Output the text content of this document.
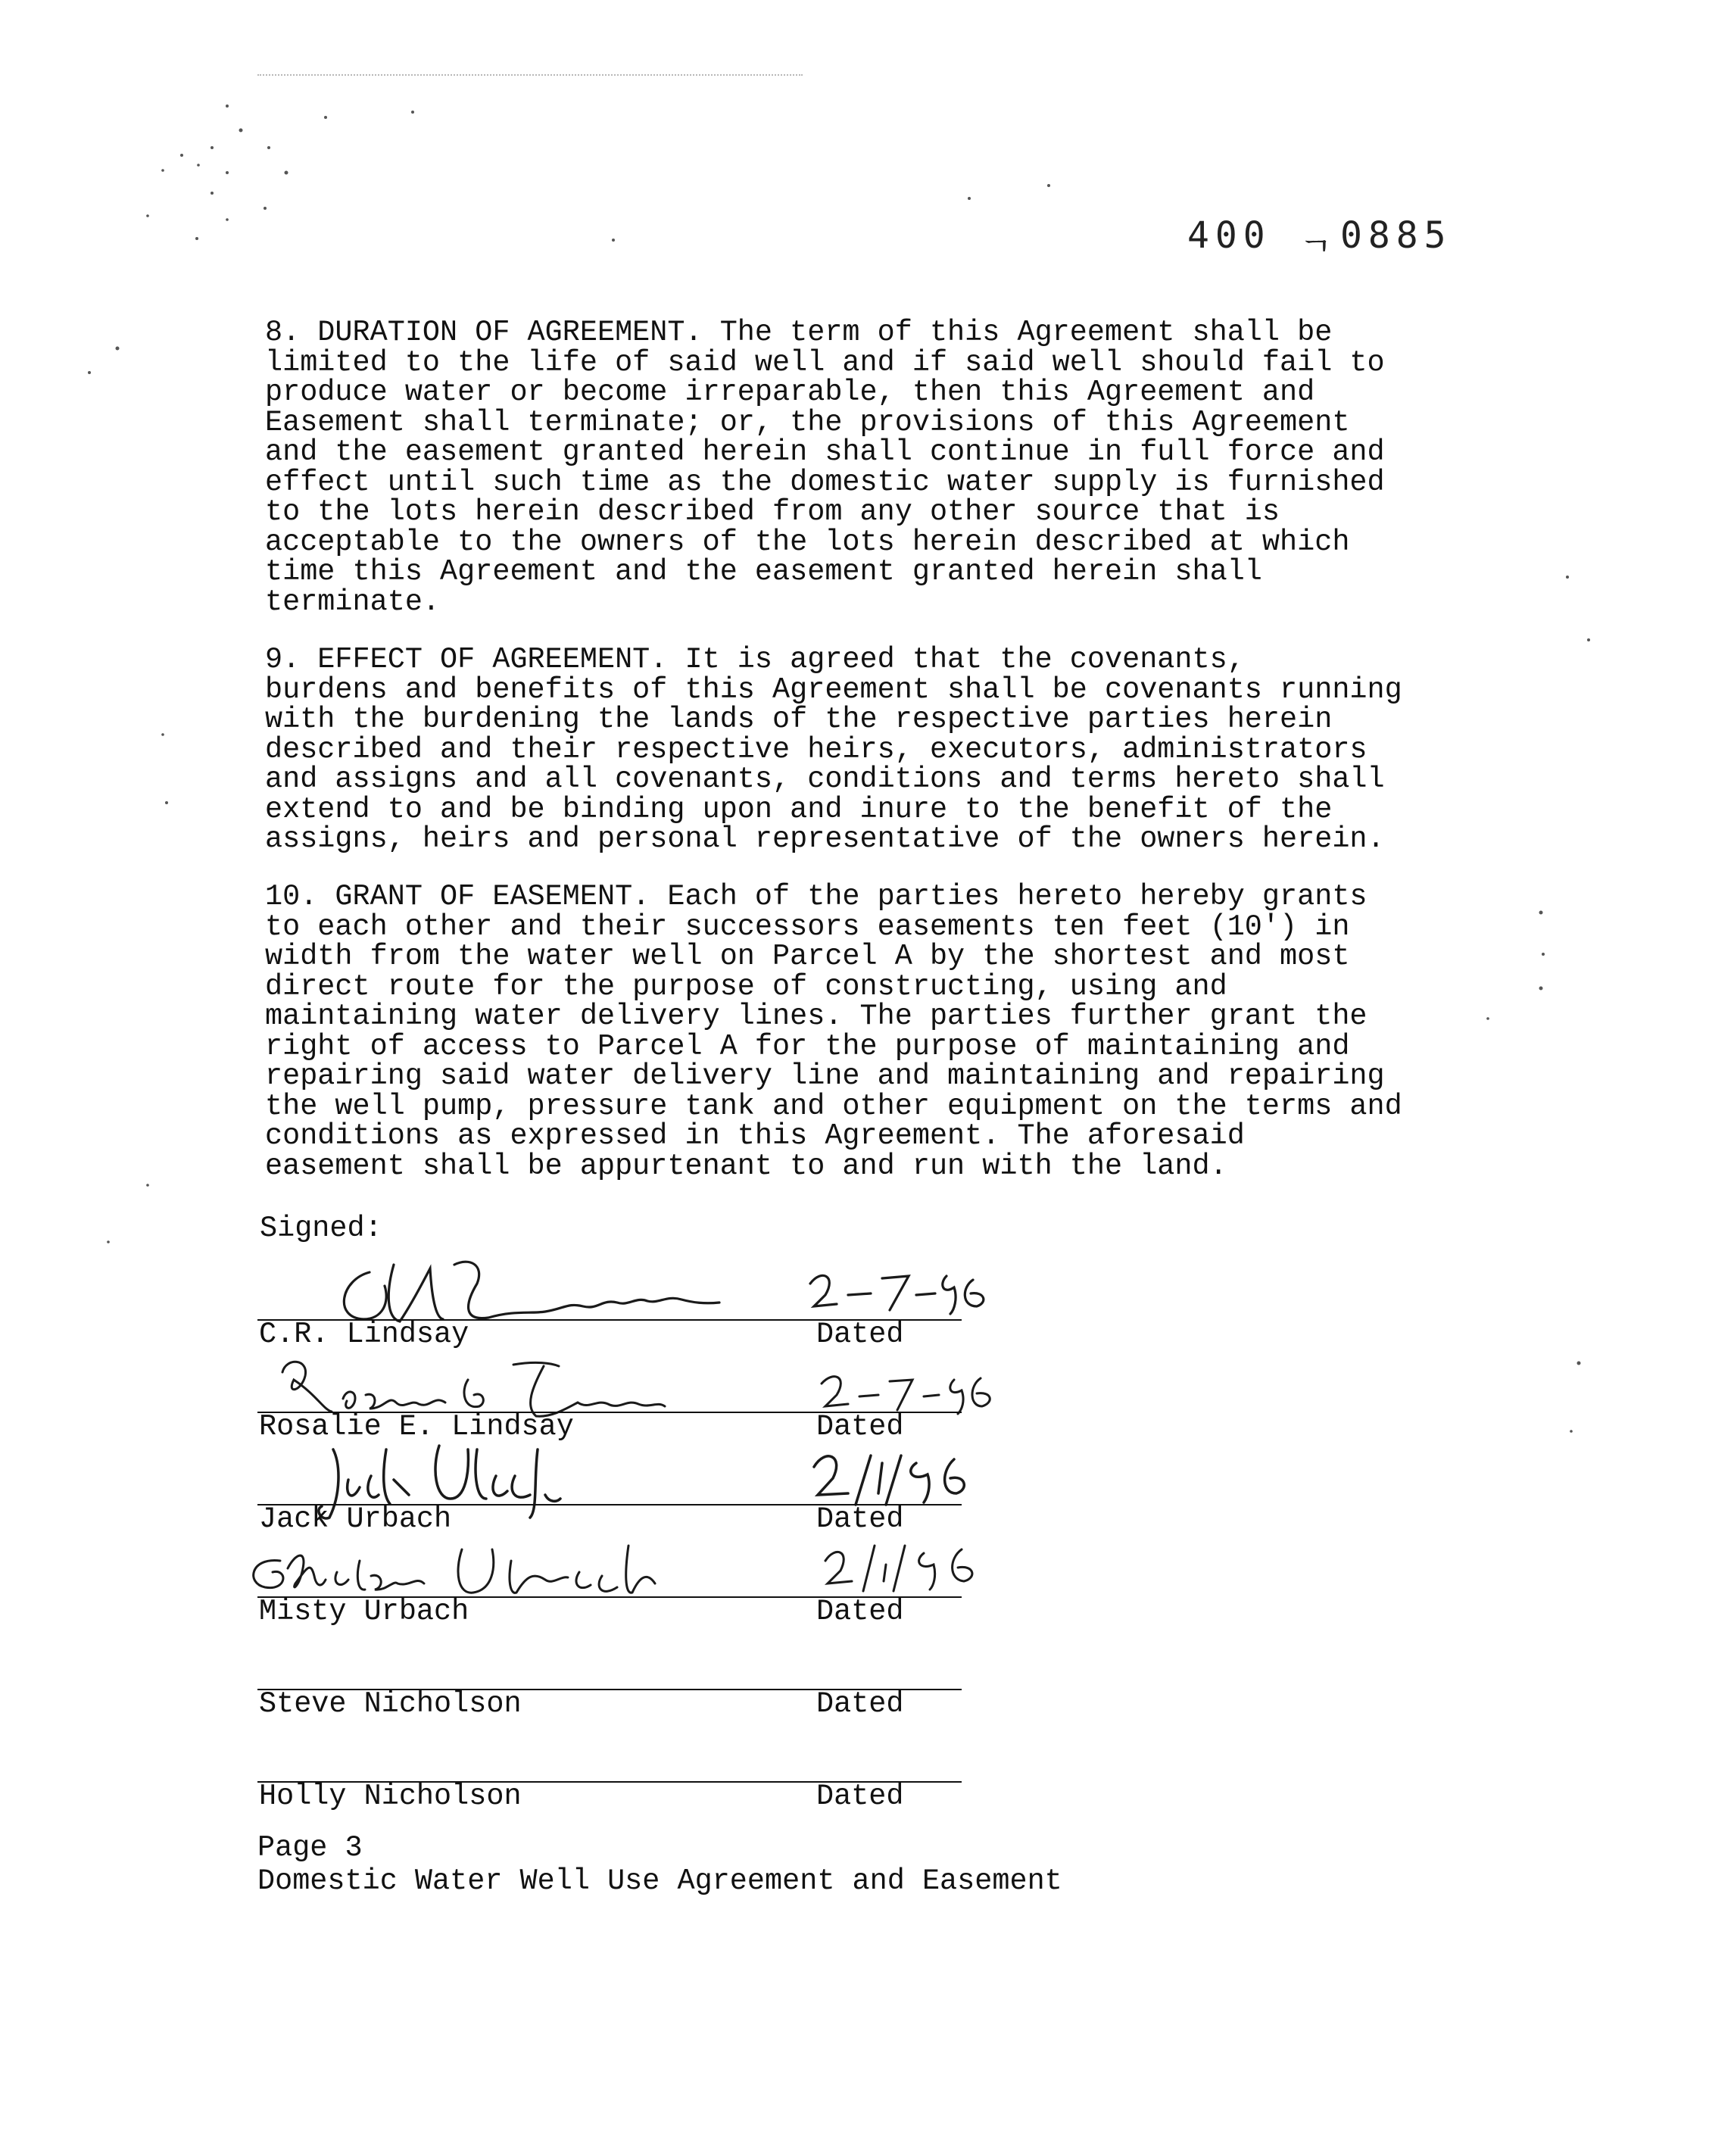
400 ᆨ0885

8. DURATION OF AGREEMENT. The term of this Agreement shall be
limited to the life of said well and if said well should fail to
produce water or become irreparable, then this Agreement and
Easement shall terminate; or, the provisions of this Agreement
and the easement granted herein shall continue in full force and
effect until such time as the domestic water supply is furnished
to the lots herein described from any other source that is
acceptable to the owners of the lots herein described at which
time this Agreement and the easement granted herein shall
terminate.

9. EFFECT OF AGREEMENT. It is agreed that the covenants,
burdens and benefits of this Agreement shall be covenants running
with the burdening the lands of the respective parties herein
described and their respective heirs, executors, administrators
and assigns and all covenants, conditions and terms hereto shall
extend to and be binding upon and inure to the benefit of the
assigns, heirs and personal representative of the owners herein.

10. GRANT OF EASEMENT. Each of the parties hereto hereby grants
to each other and their successors easements ten feet (10') in
width from the water well on Parcel A by the shortest and most
direct route for the purpose of constructing, using and
maintaining water delivery lines. The parties further grant the
right of access to Parcel A for the purpose of maintaining and
repairing said water delivery line and maintaining and repairing
the well pump, pressure tank and other equipment on the terms and
conditions as expressed in this Agreement. The aforesaid
easement shall be appurtenant to and run with the land.

Signed:
C.R. Lindsay	Dated
Rosalie E. Lindsay	Dated
Jack Urbach	Dated
Misty Urbach	Dated
Steve Nicholson	Dated
Holly Nicholson	Dated
Page 3
Domestic Water Well Use Agreement and Easement
